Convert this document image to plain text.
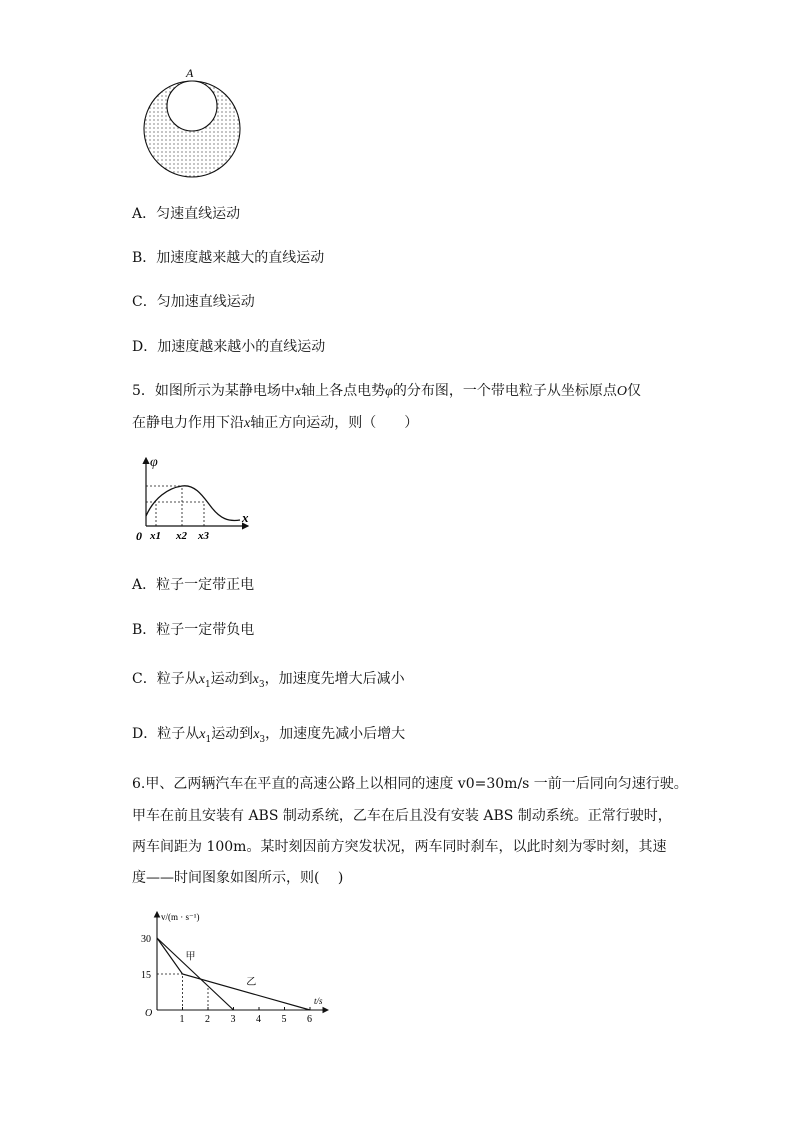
A
A．匀速直线运动
B．加速度越来越大的直线运动
C．匀加速直线运动
D．加速度越来越小的直线运动
5．如图所示为某静电场中x轴上各点电势φ的分布图，一个带电粒子从坐标原点O仅
在静电力作用下沿x轴正方向运动，则（　　）
φ
x
0 x1 x2 x3
A．粒子一定带正电
B．粒子一定带负电
C．粒子从$x_1$运动到$x_3$，加速度先增大后减小
D．粒子从$x_1$运动到$x_3$，加速度先减小后增大
6.甲、乙两辆汽车在平直的高速公路上以相同的速度 v0=30m/s 一前一后同向匀速行驶。
甲车在前且安装有 ABS 制动系统，乙车在后且没有安装 ABS 制动系统。正常行驶时，
两车间距为 100m。某时刻因前方突发状况，两车同时刹车，以此时刻为零时刻，其速
度——时间图象如图所示，则(　 )
v/(m · s⁻¹)
t/s
O
1 2 3 4 5 6
15
30
甲
乙
